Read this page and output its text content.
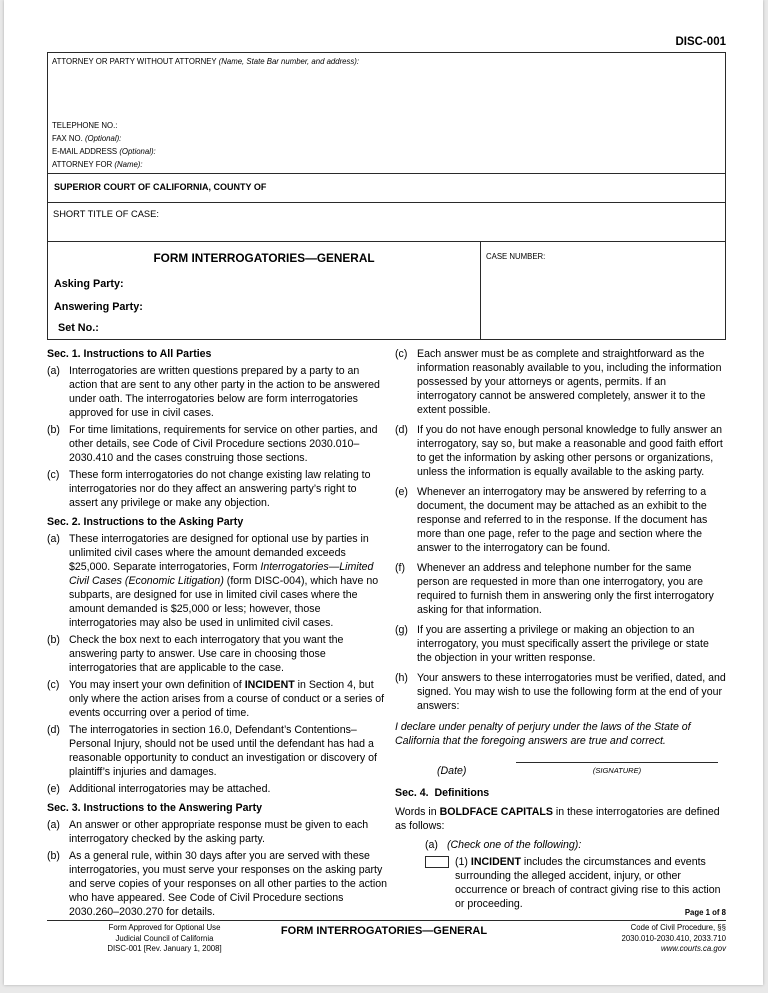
DISC-001
ATTORNEY OR PARTY WITHOUT ATTORNEY (Name, State Bar number, and address):
TELEPHONE NO.:
FAX NO. (Optional):
E-MAIL ADDRESS (Optional):
ATTORNEY FOR (Name):
SUPERIOR COURT OF CALIFORNIA, COUNTY OF
SHORT TITLE OF CASE:
FORM INTERROGATORIES—GENERAL
Asking Party:
Answering Party:
Set No.:
CASE NUMBER:
Sec. 1. Instructions to All Parties
(a) Interrogatories are written questions prepared by a party to an action that are sent to any other party in the action to be answered under oath. The interrogatories below are form interrogatories approved for use in civil cases.
(b) For time limitations, requirements for service on other parties, and other details, see Code of Civil Procedure sections 2030.010–2030.410 and the cases construing those sections.
(c) These form interrogatories do not change existing law relating to interrogatories nor do they affect an answering party’s right to assert any privilege or make any objection.
Sec. 2. Instructions to the Asking Party
(a) These interrogatories are designed for optional use by parties in unlimited civil cases where the amount demanded exceeds $25,000. Separate interrogatories, Form Interrogatories—Limited Civil Cases (Economic Litigation) (form DISC-004), which have no subparts, are designed for use in limited civil cases where the amount demanded is $25,000 or less; however, those interrogatories may also be used in unlimited civil cases.
(b) Check the box next to each interrogatory that you want the answering party to answer. Use care in choosing those interrogatories that are applicable to the case.
(c) You may insert your own definition of INCIDENT in Section 4, but only where the action arises from a course of conduct or a series of events occurring over a period of time.
(d) The interrogatories in section 16.0, Defendant’s Contentions–Personal Injury, should not be used until the defendant has had a reasonable opportunity to conduct an investigation or discovery of plaintiff’s injuries and damages.
(e) Additional interrogatories may be attached.
Sec. 3. Instructions to the Answering Party
(a) An answer or other appropriate response must be given to each interrogatory checked by the asking party.
(b) As a general rule, within 30 days after you are served with these interrogatories, you must serve your responses on the asking party and serve copies of your responses on all other parties to the action who have appeared. See Code of Civil Procedure sections 2030.260–2030.270 for details.
(c) Each answer must be as complete and straightforward as the information reasonably available to you, including the information possessed by your attorneys or agents, permits. If an interrogatory cannot be answered completely, answer it to the extent possible.
(d) If you do not have enough personal knowledge to fully answer an interrogatory, say so, but make a reasonable and good faith effort to get the information by asking other persons or organizations, unless the information is equally available to the asking party.
(e) Whenever an interrogatory may be answered by referring to a document, the document may be attached as an exhibit to the response and referred to in the response. If the document has more than one page, refer to the page and section where the answer to the interrogatory can be found.
(f)	Whenever an address and telephone number for the same person are requested in more than one interrogatory, you are required to furnish them in answering only the first interrogatory asking for that information.
(g) If you are asserting a privilege or making an objection to an interrogatory, you must specifically assert the privilege or state the objection in your written response.
(h) Your answers to these interrogatories must be verified, dated, and signed. You may wish to use the following form at the end of your answers:
I declare under penalty of perjury under the laws of the State of California that the foregoing answers are true and correct.
(Date)	(SIGNATURE)
Sec. 4.  Definitions
Words in BOLDFACE CAPITALS in these interrogatories are defined as follows:
(a) (Check one of the following):
(1) INCIDENT includes the circumstances and events surrounding the alleged accident, injury, or other occurrence or breach of contract giving rise to this action or proceeding.
Page 1 of 8
Form Approved for Optional Use
Judicial Council of California
DISC-001 [Rev. January 1, 2008]
FORM INTERROGATORIES—GENERAL	Code of Civil Procedure, §§
2030.010-2030.410, 2033.710
www.courts.ca.gov
